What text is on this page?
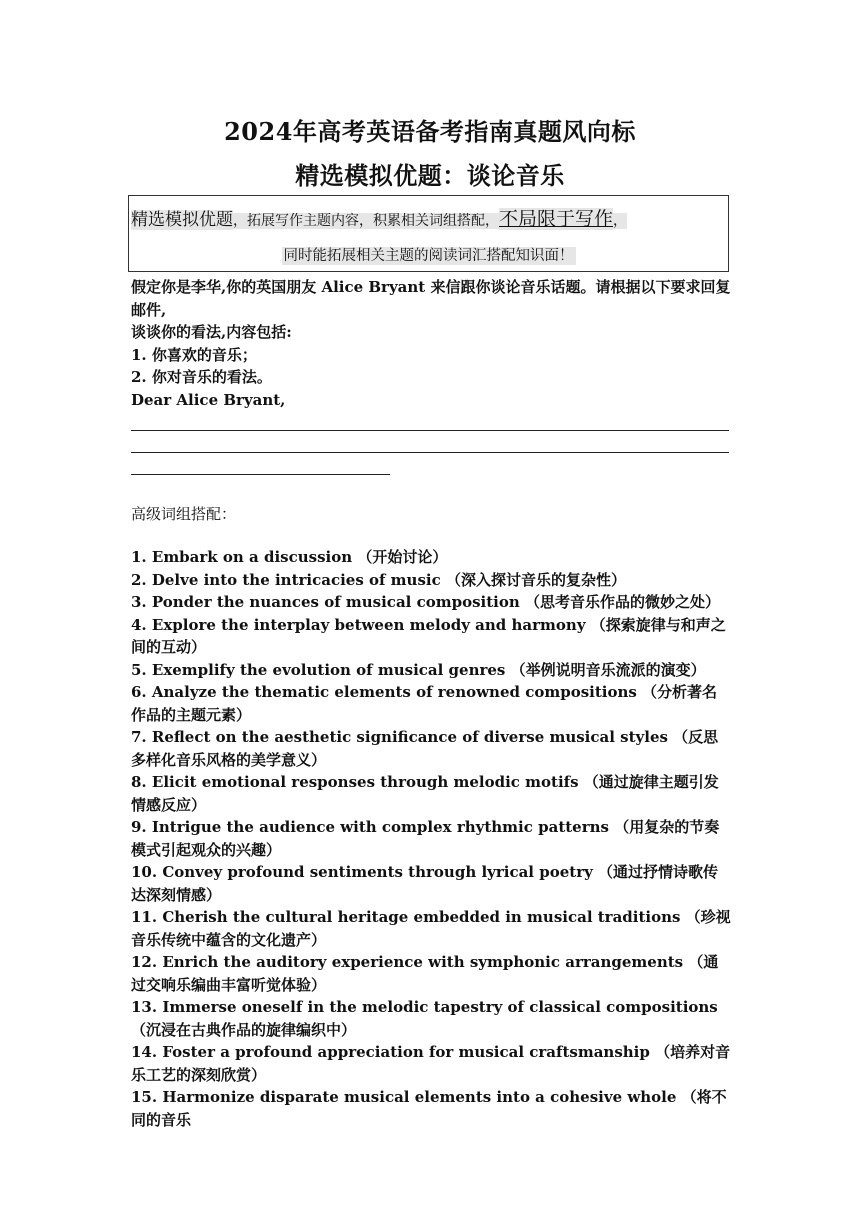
2024年高考英语备考指南真题风向标
精选模拟优题：谈论音乐
精选模拟优题，拓展写作主题内容，积累相关词组搭配，不局限于写作，
同时能拓展相关主题的阅读词汇搭配知识面！
假定你是李华,你的英国朋友 Alice Bryant 来信跟你谈论音乐话题。请根据以下要求回复邮件,
谈谈你的看法,内容包括:
1. 你喜欢的音乐；
2. 你对音乐的看法。
Dear Alice Bryant,
高级词组搭配：
1. Embark on a discussion （开始讨论）
2. Delve into the intricacies of music （深入探讨音乐的复杂性）
3. Ponder the nuances of musical composition （思考音乐作品的微妙之处）
4. Explore the interplay between melody and harmony （探索旋律与和声之间的互动）
5. Exemplify the evolution of musical genres （举例说明音乐流派的演变）
6. Analyze the thematic elements of renowned compositions （分析著名作品的主题元素）
7. Reflect on the aesthetic significance of diverse musical styles （反思多样化音乐风格的美学意义）
8. Elicit emotional responses through melodic motifs （通过旋律主题引发情感反应）
9. Intrigue the audience with complex rhythmic patterns （用复杂的节奏模式引起观众的兴趣）
10. Convey profound sentiments through lyrical poetry （通过抒情诗歌传达深刻情感）
11. Cherish the cultural heritage embedded in musical traditions （珍视音乐传统中蕴含的文化遗产）
12. Enrich the auditory experience with symphonic arrangements （通过交响乐编曲丰富听觉体验）
13. Immerse oneself in the melodic tapestry of classical compositions （沉浸在古典作品的旋律编织中）
14. Foster a profound appreciation for musical craftsmanship （培养对音乐工艺的深刻欣赏）
15. Harmonize disparate musical elements into a cohesive whole （将不同的音乐
